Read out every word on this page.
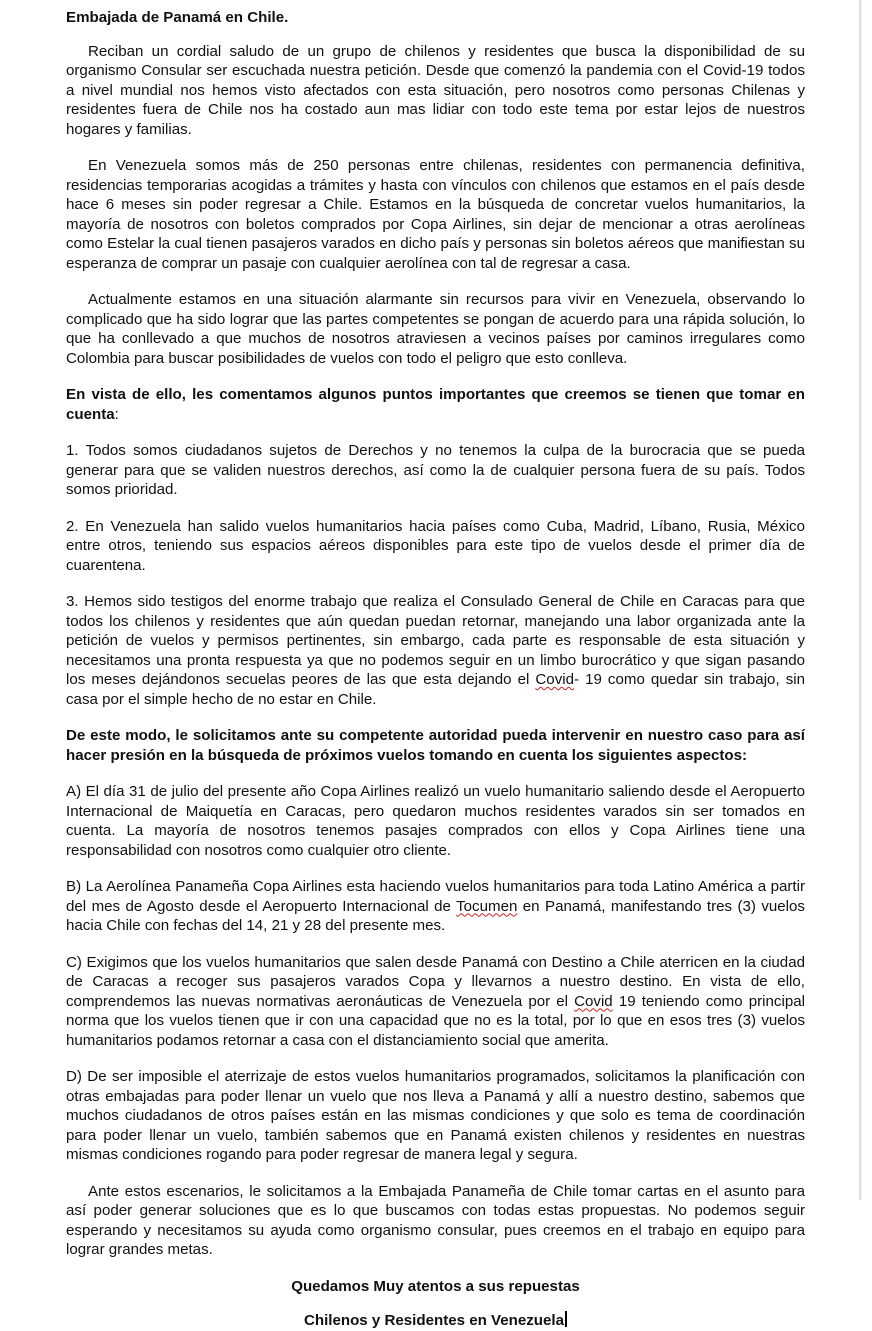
Embajada de Panamá en Chile.

Reciban un cordial saludo de un grupo de chilenos y residentes que busca la disponibilidad de su organismo Consular ser escuchada nuestra petición. Desde que comenzó la pandemia con el Covid-19 todos a nivel mundial nos hemos visto afectados con esta situación, pero nosotros como personas Chilenas y residentes fuera de Chile nos ha costado aun mas lidiar con todo este tema por estar lejos de nuestros hogares y familias.

En Venezuela somos más de 250 personas entre chilenas, residentes con permanencia definitiva, residencias temporarias acogidas a trámites y hasta con vínculos con chilenos que estamos en el país desde hace 6 meses sin poder regresar a Chile. Estamos en la búsqueda de concretar vuelos humanitarios, la mayoría de nosotros con boletos comprados por Copa Airlines, sin dejar de mencionar a otras aerolíneas como Estelar la cual tienen pasajeros varados en dicho país y personas sin boletos aéreos que manifiestan su esperanza de comprar un pasaje con cualquier aerolínea con tal de regresar a casa.

Actualmente estamos en una situación alarmante sin recursos para vivir en Venezuela, observando lo complicado que ha sido lograr que las partes competentes se pongan de acuerdo para una rápida solución, lo que ha conllevado a que muchos de nosotros atraviesen a vecinos países por caminos irregulares como Colombia para buscar posibilidades de vuelos con todo el peligro que esto conlleva.

En vista de ello, les comentamos algunos puntos importantes que creemos se tienen que tomar en cuenta:

1. Todos somos ciudadanos sujetos de Derechos y no tenemos la culpa de la burocracia que se pueda generar para que se validen nuestros derechos, así como la de cualquier persona fuera de su país. Todos somos prioridad.

2. En Venezuela han salido vuelos humanitarios hacia países como Cuba, Madrid, Líbano, Rusia, México entre otros, teniendo sus espacios aéreos disponibles para este tipo de vuelos desde el primer día de cuarentena.

3. Hemos sido testigos del enorme trabajo que realiza el Consulado General de Chile en Caracas para que todos los chilenos y residentes que aún quedan puedan retornar, manejando una labor organizada ante la petición de vuelos y permisos pertinentes, sin embargo, cada parte es responsable de esta situación y necesitamos una pronta respuesta ya que no podemos seguir en un limbo burocrático y que sigan pasando los meses dejándonos secuelas peores de las que esta dejando el Covid- 19 como quedar sin trabajo, sin casa por el simple hecho de no estar en Chile.

De este modo, le solicitamos ante su competente autoridad pueda intervenir en nuestro caso para así hacer presión en la búsqueda de próximos vuelos tomando en cuenta los siguientes aspectos:

A) El día 31 de julio del presente año Copa Airlines realizó un vuelo humanitario saliendo desde el Aeropuerto Internacional de Maiquetía en Caracas, pero quedaron muchos residentes varados sin ser tomados en cuenta. La mayoría de nosotros tenemos pasajes comprados con ellos y Copa Airlines tiene una responsabilidad con nosotros como cualquier otro cliente.

B) La Aerolínea Panameña Copa Airlines esta haciendo vuelos humanitarios para toda Latino América a partir del mes de Agosto desde el Aeropuerto Internacional de Tocumen en Panamá, manifestando tres (3) vuelos hacia Chile con fechas del 14, 21 y 28 del presente mes.

C) Exigimos que los vuelos humanitarios que salen desde Panamá con Destino a Chile aterricen en la ciudad de Caracas a recoger sus pasajeros varados Copa y llevarnos a nuestro destino. En vista de ello, comprendemos las nuevas normativas aeronáuticas de Venezuela por el Covid 19 teniendo como principal norma que los vuelos tienen que ir con una capacidad que no es la total, por lo que en esos tres (3) vuelos humanitarios podamos retornar a casa con el distanciamiento social que amerita.

D) De ser imposible el aterrizaje de estos vuelos humanitarios programados, solicitamos la planificación con otras embajadas para poder llenar un vuelo que nos lleva a Panamá y allí a nuestro destino, sabemos que muchos ciudadanos de otros países están en las mismas condiciones y que solo es tema de coordinación para poder llenar un vuelo, también sabemos que en Panamá existen chilenos y residentes en nuestras mismas condiciones rogando para poder regresar de manera legal y segura.

Ante estos escenarios, le solicitamos a la Embajada Panameña de Chile tomar cartas en el asunto para así poder generar soluciones que es lo que buscamos con todas estas propuestas. No podemos seguir esperando y necesitamos su ayuda como organismo consular, pues creemos en el trabajo en equipo para lograr grandes metas.

Quedamos Muy atentos a sus repuestas

Chilenos y Residentes en Venezuela
